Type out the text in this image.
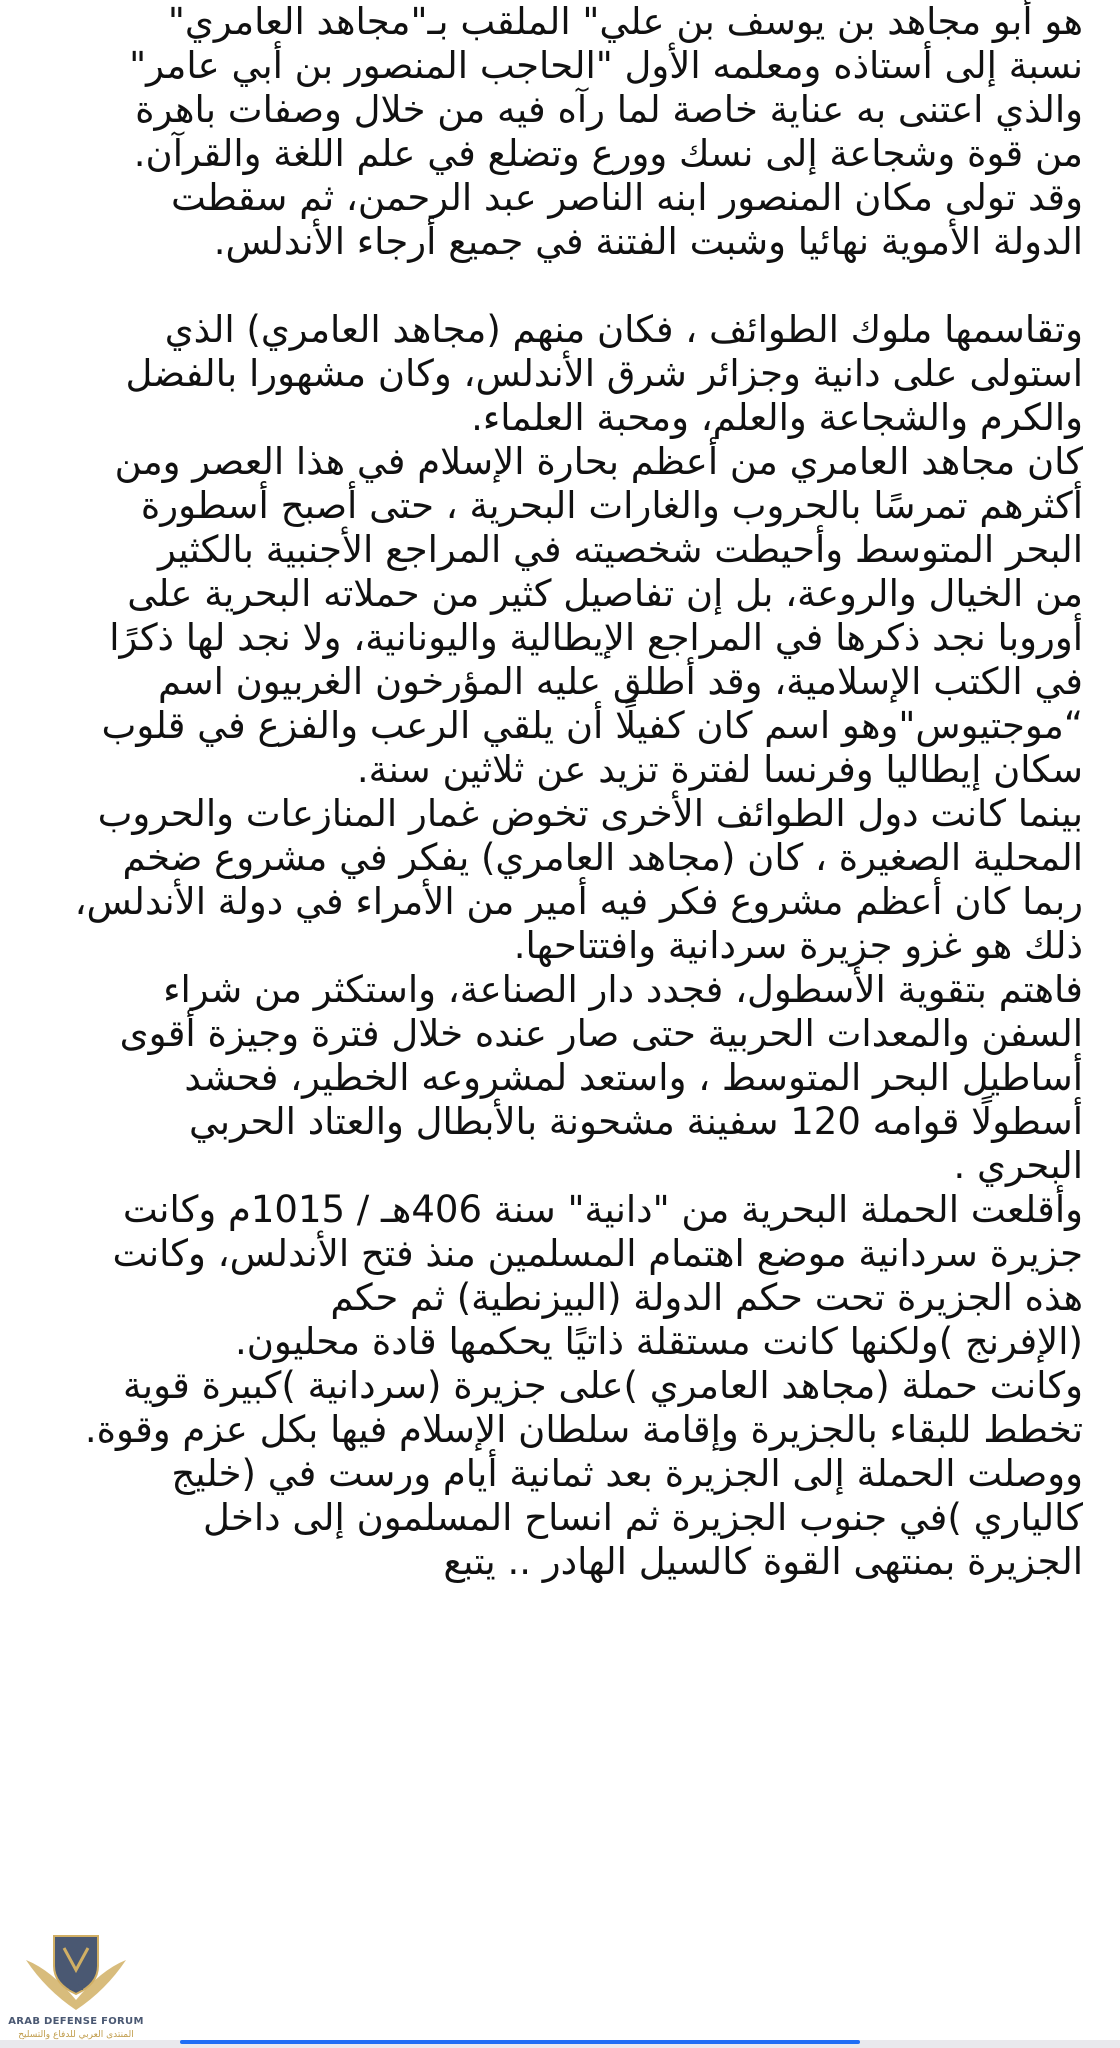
هو أبو مجاهد بن يوسف بن علي" الملقب بـ"مجاهد العامري"
نسبة إلى أستاذه ومعلمه الأول "الحاجب المنصور بن أبي عامر"
والذي اعتنى به عناية خاصة لما رآه فيه من خلال وصفات باهرة
من قوة وشجاعة إلى نسك وورع وتضلع في علم اللغة والقرآن.
وقد تولى مكان المنصور ابنه الناصر عبد الرحمن، ثم سقطت
الدولة الأموية نهائيا وشبت الفتنة في جميع أرجاء الأندلس.
وتقاسمها ملوك الطوائف ، فكان منهم (مجاهد العامري) الذي
استولى على دانية وجزائر شرق الأندلس، وكان مشهورا بالفضل
والكرم والشجاعة والعلم، ومحبة العلماء.
كان مجاهد العامري من أعظم بحارة الإسلام في هذا العصر ومن
أكثرهم تمرسًا بالحروب والغارات البحرية ، حتى أصبح أسطورة
البحر المتوسط وأحيطت شخصيته في المراجع الأجنبية بالكثير
من الخيال والروعة، بل إن تفاصيل كثير من حملاته البحرية على
أوروبا نجد ذكرها في المراجع الإيطالية واليونانية، ولا نجد لها ذكرًا
في الكتب الإسلامية، وقد أطلق عليه المؤرخون الغربيون اسم
“موجتيوس"وهو اسم كان كفيلًا أن يلقي الرعب والفزع في قلوب
سكان إيطاليا وفرنسا لفترة تزيد عن ثلاثين سنة.
بينما كانت دول الطوائف الأخرى تخوض غمار المنازعات والحروب
المحلية الصغيرة ، كان (مجاهد العامري) يفكر في مشروع ضخم
ربما كان أعظم مشروع فكر فيه أمير من الأمراء في دولة الأندلس،
ذلك هو غزو جزيرة سردانية وافتتاحها.
فاهتم بتقوية الأسطول، فجدد دار الصناعة، واستكثر من شراء
السفن والمعدات الحربية حتى صار عنده خلال فترة وجيزة أقوى
أساطيل البحر المتوسط ، واستعد لمشروعه الخطير، فحشد
أسطولًا قوامه 120 سفينة مشحونة بالأبطال والعتاد الحربي
البحري .
وأقلعت الحملة البحرية من "دانية" سنة 406هـ / 1015م وكانت
جزيرة سردانية موضع اهتمام المسلمين منذ فتح الأندلس، وكانت
هذه الجزيرة تحت حكم الدولة (البيزنطية) ثم حكم
(الإفرنج )ولكنها كانت مستقلة ذاتيًا يحكمها قادة محليون.
وكانت حملة (مجاهد العامري )على جزيرة (سردانية )كبيرة قوية
تخطط للبقاء بالجزيرة وإقامة سلطان الإسلام فيها بكل عزم وقوة.
ووصلت الحملة إلى الجزيرة بعد ثمانية أيام ورست في (خليج
كالياري )في جنوب الجزيرة ثم انساح المسلمون إلى داخل
الجزيرة بمنتهى القوة كالسيل الهادر .. يتبع
DA
ARAB DEFENSE FORUM
المنتدى العربي للدفاع والتسليح
